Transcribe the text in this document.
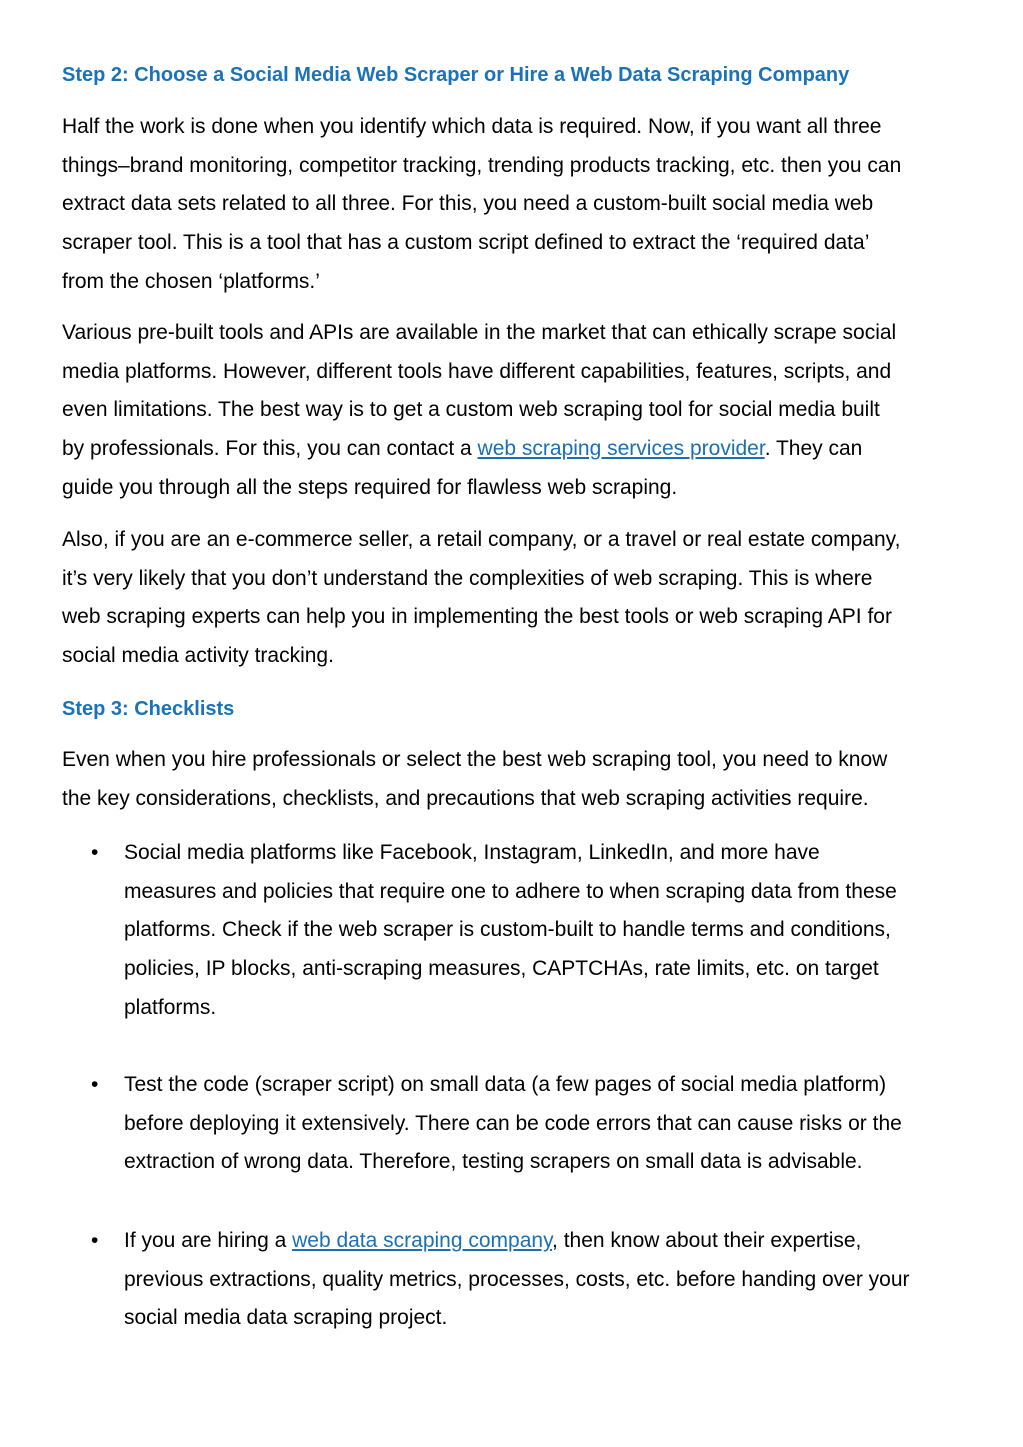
Step 2: Choose a Social Media Web Scraper or Hire a Web Data Scraping Company

Half the work is done when you identify which data is required. Now, if you want all three
things–brand monitoring, competitor tracking, trending products tracking, etc. then you can
extract data sets related to all three. For this, you need a custom-built social media web
scraper tool. This is a tool that has a custom script defined to extract the ‘required data’
from the chosen ‘platforms.’

Various pre-built tools and APIs are available in the market that can ethically scrape social
media platforms. However, different tools have different capabilities, features, scripts, and
even limitations. The best way is to get a custom web scraping tool for social media built
by professionals. For this, you can contact a web scraping services provider. They can
guide you through all the steps required for flawless web scraping.

Also, if you are an e-commerce seller, a retail company, or a travel or real estate company,
it’s very likely that you don’t understand the complexities of web scraping. This is where
web scraping experts can help you in implementing the best tools or web scraping API for
social media activity tracking.

Step 3: Checklists

Even when you hire professionals or select the best web scraping tool, you need to know
the key considerations, checklists, and precautions that web scraping activities require.

• Social media platforms like Facebook, Instagram, LinkedIn, and more have
measures and policies that require one to adhere to when scraping data from these
platforms. Check if the web scraper is custom-built to handle terms and conditions,
policies, IP blocks, anti-scraping measures, CAPTCHAs, rate limits, etc. on target
platforms.
• Test the code (scraper script) on small data (a few pages of social media platform)
before deploying it extensively. There can be code errors that can cause risks or the
extraction of wrong data. Therefore, testing scrapers on small data is advisable.
• If you are hiring a web data scraping company, then know about their expertise,
previous extractions, quality metrics, processes, costs, etc. before handing over your
social media data scraping project.
